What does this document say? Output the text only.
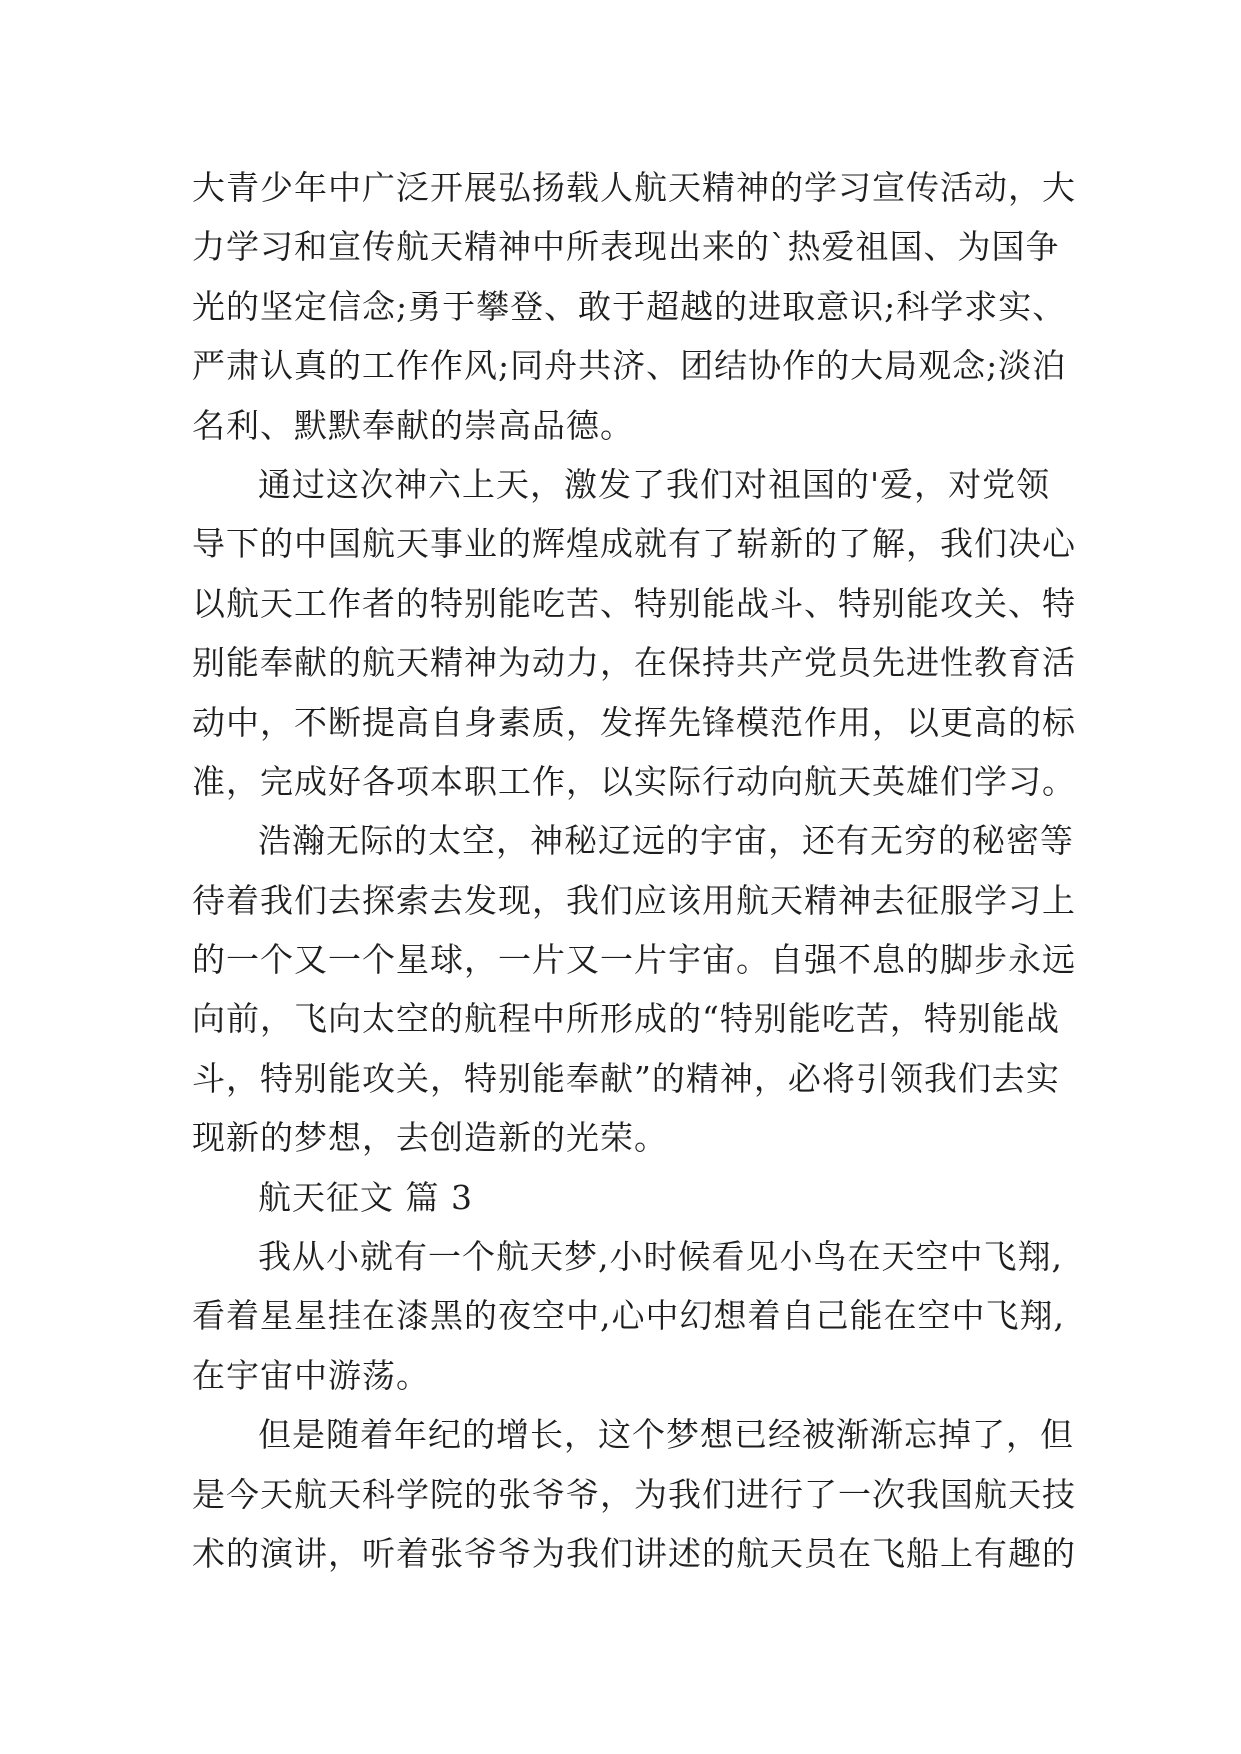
大青少年中广泛开展弘扬载人航天精神的学习宣传活动，大
力学习和宣传航天精神中所表现出来的`热爱祖国、为国争
光的坚定信念;勇于攀登、敢于超越的进取意识;科学求实、
严肃认真的工作作风;同舟共济、团结协作的大局观念;淡泊
名利、默默奉献的崇高品德。
通过这次神六上天，激发了我们对祖国的'爱，对党领
导下的中国航天事业的辉煌成就有了崭新的了解，我们决心
以航天工作者的特别能吃苦、特别能战斗、特别能攻关、特
别能奉献的航天精神为动力，在保持共产党员先进性教育活
动中，不断提高自身素质，发挥先锋模范作用，以更高的标
准，完成好各项本职工作，以实际行动向航天英雄们学习。
浩瀚无际的太空，神秘辽远的宇宙，还有无穷的秘密等
待着我们去探索去发现，我们应该用航天精神去征服学习上
的一个又一个星球，一片又一片宇宙。自强不息的脚步永远
向前，飞向太空的航程中所形成的“特别能吃苦，特别能战
斗，特别能攻关，特别能奉献”的精神，必将引领我们去实
现新的梦想，去创造新的光荣。
航天征文 篇 3
我从小就有一个航天梦,小时候看见小鸟在天空中飞翔,
看着星星挂在漆黑的夜空中,心中幻想着自己能在空中飞翔,
在宇宙中游荡。
但是随着年纪的增长，这个梦想已经被渐渐忘掉了，但
是今天航天科学院的张爷爷，为我们进行了一次我国航天技
术的演讲，听着张爷爷为我们讲述的航天员在飞船上有趣的
